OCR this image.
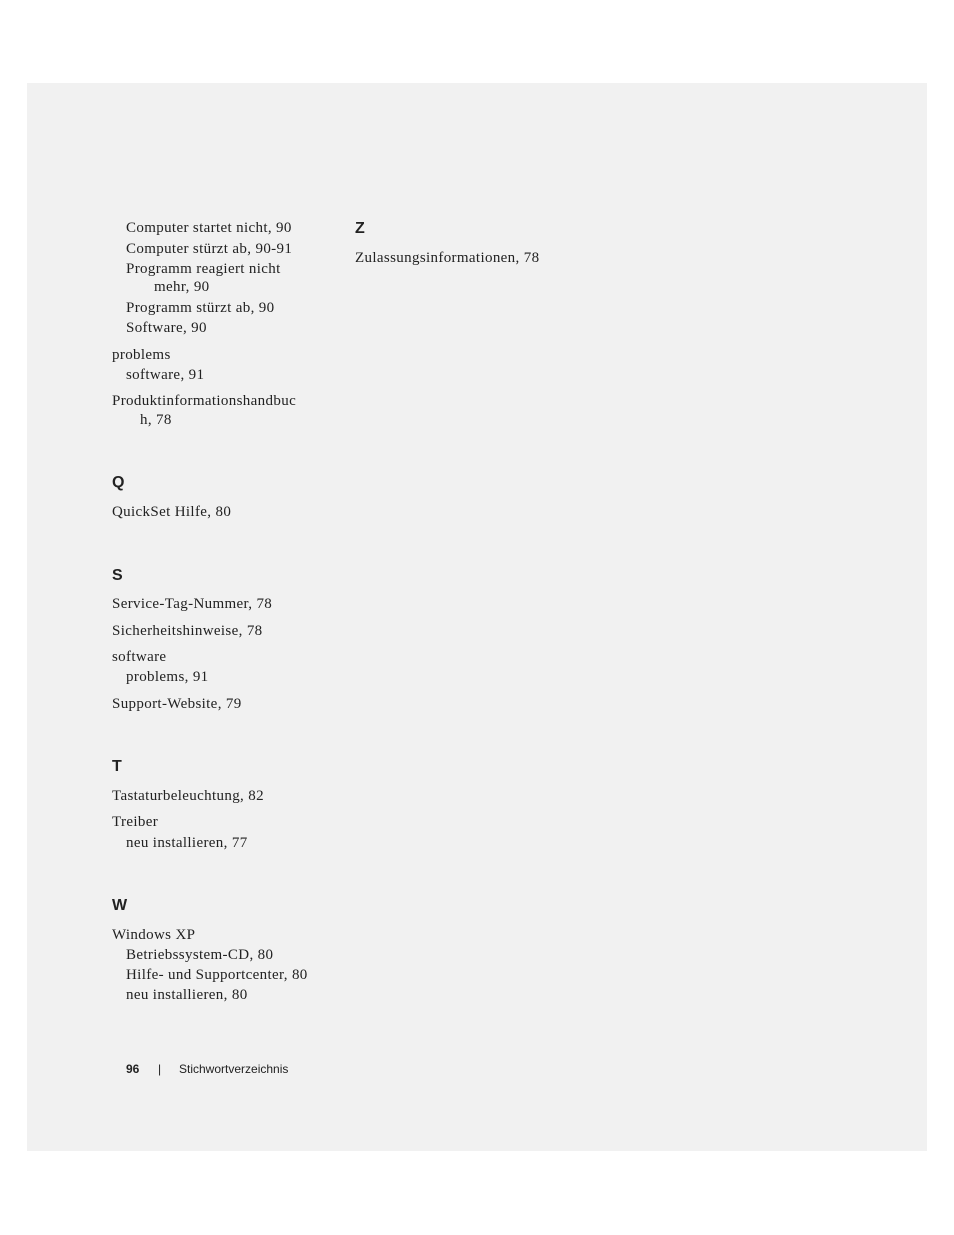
Computer startet nicht, 90
Computer stürzt ab, 90-91
Programm reagiert nicht
mehr, 90
Programm stürzt ab, 90
Software, 90
problems
software, 91
Produktinformationshandbuc
h, 78
Q
QuickSet Hilfe, 80
S
Service-Tag-Nummer, 78
Sicherheitshinweise, 78
software
problems, 91
Support-Website, 79
T
Tastaturbeleuchtung, 82
Treiber
neu installieren, 77
W
Windows XP
Betriebssystem-CD, 80
Hilfe- und Supportcenter, 80
neu installieren, 80
Z
Zulassungsinformationen, 78
96 | Stichwortverzeichnis
